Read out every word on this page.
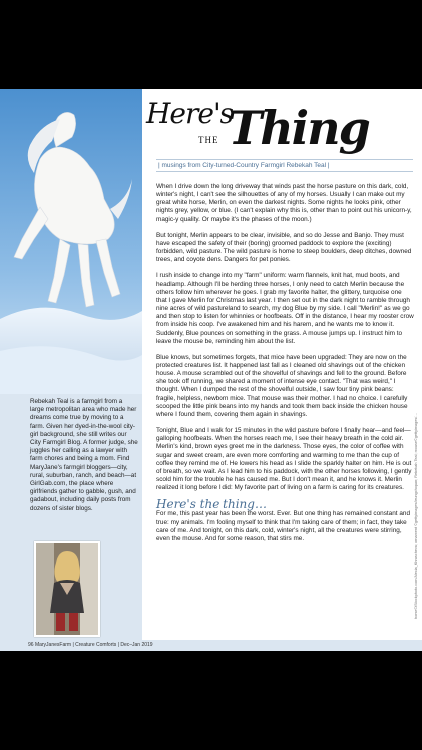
Rebekah Teal is a farmgirl from a large metropolitan area who made her dreams come true by moving to a farm. Given her dyed-in-the-wool city-girl background, she still writes our City Farmgirl Blog. A former judge, she juggles her calling as a lawyer with farm chores and being a mom. Find MaryJane's farmgirl bloggers—city, rural, suburban, ranch, and beach—at GirlGab.com, the place where girlfriends gather to gabble, gush, and gadabout, including daily posts from dozens of sister blogs.
Here's
THE Thing
| musings from City-turned-Country Farmgirl Rebekah Teal |

When I drive down the long driveway that winds past the horse pasture on this dark, cold, winter's night, I can't see the silhouettes of any of my horses. Usually I can make out my great white horse, Merlin, on even the darkest nights. Some nights he looks pink, other nights grey, yellow, or blue. (I can't explain why this is, other than to point out his unicorn-y, magic-y quality. Or maybe it's the phases of the moon.)

But tonight, Merlin appears to be clear, invisible, and so do Jesse and Banjo. They must have escaped the safety of their (boring) groomed paddock to explore the (exciting) forbidden, wild pasture. The wild pasture is home to steep boulders, deep ditches, downed trees, and coyote dens. Dangers for pet ponies.

I rush inside to change into my "farm" uniform: warm flannels, knit hat, mud boots, and headlamp. Although I'll be herding three horses, I only need to catch Merlin because the others follow him wherever he goes. I grab my favorite halter, the glittery, turquoise one that I gave Merlin for Christmas last year. I then set out in the dark night to ramble through nine acres of wild pastureland to search, my dog Blue by my side. I call "Merlin!" as we go and then stop to listen for whinnies or hoofbeats. Off in the distance, I hear my rooster crow from inside his coop. I've awakened him and his harem, and he wants me to know it. Suddenly, Blue pounces on something in the grass. A mouse jumps up. I instruct him to leave the mouse be, reminding him about the list.

Blue knows, but sometimes forgets, that mice have been upgraded: They are now on the protected creatures list. It happened last fall as I cleaned old shavings out of the chicken house. A mouse scrambled out of the shovelful of shavings and fell to the ground. Before she took off running, we shared a moment of intense eye contact. "That was weird," I thought. When I dumped the rest of the shovelful outside, I saw four tiny pink beans: fragile, helpless, newborn mice. That mouse was their mother. I had no choice. I carefully scooped the little pink beans into my hands and took them back inside the chicken house where I found them, covering them again in shavings.

Tonight, Blue and I walk for 15 minutes in the wild pasture before I finally hear—and feel—galloping hoofbeats. When the horses reach me, I see their heavy breath in the cold air. Merlin's kind, brown eyes greet me in the darkness. Those eyes, the color of coffee with sugar and sweet cream, are even more comforting and warming to me than the cup of coffee they remind me of. He lowers his head as I slide the sparkly halter on him. He is out of breath, so we wait. As I lead him to his paddock, with the other horses following, I gently scold him for the trouble he has caused me. But I don't mean it, and he knows it. Merlin realized it long before I did: My favorite part of living on a farm is caring for its creatures.

Here's the thing…

For me, this past year has been the worst. Ever. But one thing has remained constant and true: my animals. I'm fooling myself to think that I'm taking care of them; in fact, they take care of me. And tonight, on this dark, cold, winter's night, all the creatures were stirring, even the mouse. And for some reason, that stirs me.	horse©iStockphoto.com/Alexia_Khruscheva; ornament ©gettyimages/leungchopan; Rebekah Teal; mouse©gettyimages/…
96 MaryJanesFarm | Creature Comforts | Dec–Jan 2019
